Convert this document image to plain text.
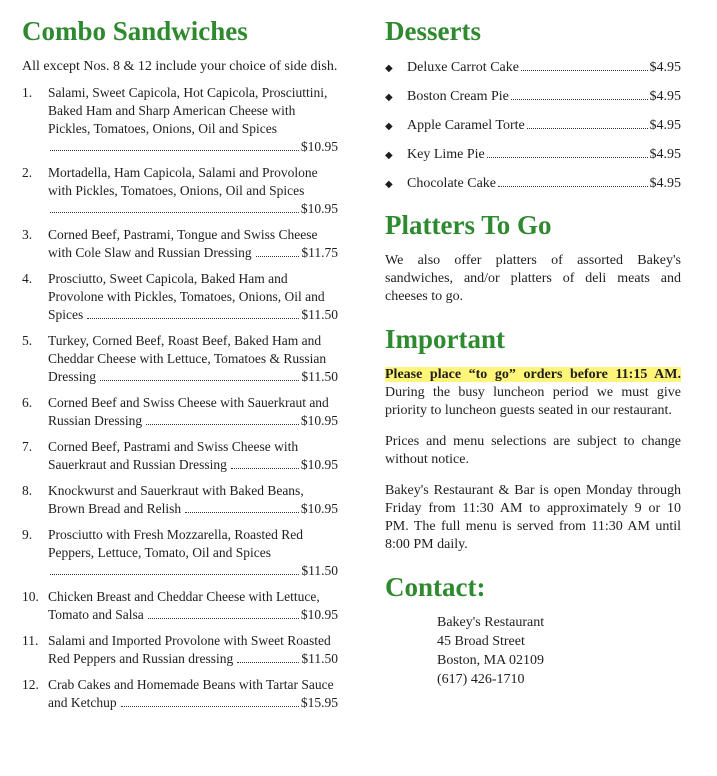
Combo Sandwiches

All except Nos. 8 & 12 include your choice of side dish.

1.	Salami, Sweet Capicola, Hot Capicola, Prosciuttini, Baked Ham and Sharp American Cheese with Pickles, Tomatoes, Onions, Oil and Spices
$10.95
2.	Mortadella, Ham Capicola, Salami and Provolone with Pickles, Tomatoes, Onions, Oil and Spices
$10.95
3.	Corned Beef, Pastrami, Tongue and Swiss Cheese with Cole Slaw and Russian Dressing	$11.75
4.	Prosciutto, Sweet Capicola, Baked Ham and Provolone with Pickles, Tomatoes, Onions, Oil and Spices	$11.50
5.	Turkey, Corned Beef, Roast Beef, Baked Ham and Cheddar Cheese with Lettuce, Tomatoes & Russian Dressing	$11.50
6.	Corned Beef and Swiss Cheese with Sauerkraut and Russian Dressing	$10.95
7.	Corned Beef, Pastrami and Swiss Cheese with Sauerkraut and Russian Dressing	$10.95
8.	Knockwurst and Sauerkraut with Baked Beans, Brown Bread and Relish	$10.95
9.	Prosciutto with Fresh Mozzarella, Roasted Red Peppers, Lettuce, Tomato, Oil and Spices
$11.50
10. Chicken Breast and Cheddar Cheese with Lettuce, Tomato and Salsa	$10.95
11. Salami and Imported Provolone with Sweet Roasted Red Peppers and Russian dressing	$11.50
12. Crab Cakes and Homemade Beans with Tartar Sauce and Ketchup	$15.95
Desserts
◆	Deluxe Carrot Cake	$4.95
◆	Boston Cream Pie	$4.95
◆	Apple Caramel Torte	$4.95
◆	Key Lime Pie	$4.95
◆	Chocolate Cake	$4.95
Platters To Go

We also offer platters of assorted Bakey's sandwiches, and/or platters of deli meats and cheeses to go.

Important

Please place “to go” orders before 11:15 AM. During the busy luncheon period we must give priority to luncheon guests seated in our restaurant.

Prices and menu selections are subject to change without notice.

Bakey's Restaurant & Bar is open Monday through Friday from 11:30 AM to approximately 9 or 10 PM. The full menu is served from 11:30 AM until 8:00 PM daily.

Contact:
Bakey's Restaurant
45 Broad Street
Boston, MA 02109
(617) 426-1710
